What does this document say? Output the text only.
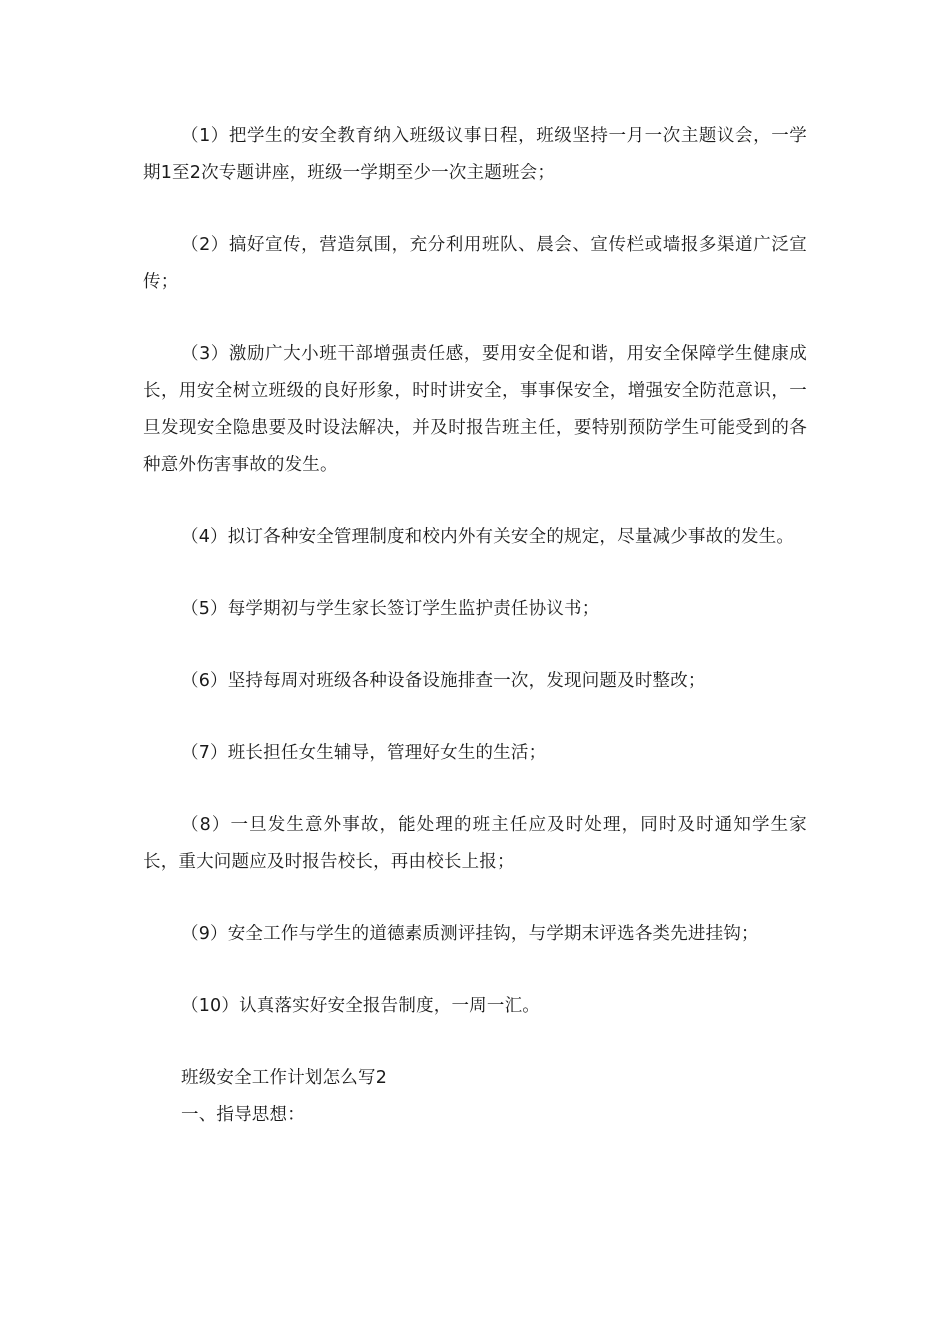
（1）把学生的安全教育纳入班级议事日程，班级坚持一月一次主题议会，一学期1至2次专题讲座，班级一学期至少一次主题班会；

（2）搞好宣传，营造氛围，充分利用班队、晨会、宣传栏或墙报多渠道广泛宣传；

（3）激励广大小班干部增强责任感，要用安全促和谐，用安全保障学生健康成长，用安全树立班级的良好形象，时时讲安全，事事保安全，增强安全防范意识，一旦发现安全隐患要及时设法解决，并及时报告班主任，要特别预防学生可能受到的各种意外伤害事故的发生。

（4）拟订各种安全管理制度和校内外有关安全的规定，尽量减少事故的发生。

（5）每学期初与学生家长签订学生监护责任协议书；

（6）坚持每周对班级各种设备设施排查一次，发现问题及时整改；

（7）班长担任女生辅导，管理好女生的生活；

（8）一旦发生意外事故，能处理的班主任应及时处理，同时及时通知学生家长，重大问题应及时报告校长，再由校长上报；

（9）安全工作与学生的道德素质测评挂钩，与学期末评选各类先进挂钩；

（10）认真落实好安全报告制度，一周一汇。

班级安全工作计划怎么写2

一、指导思想：
